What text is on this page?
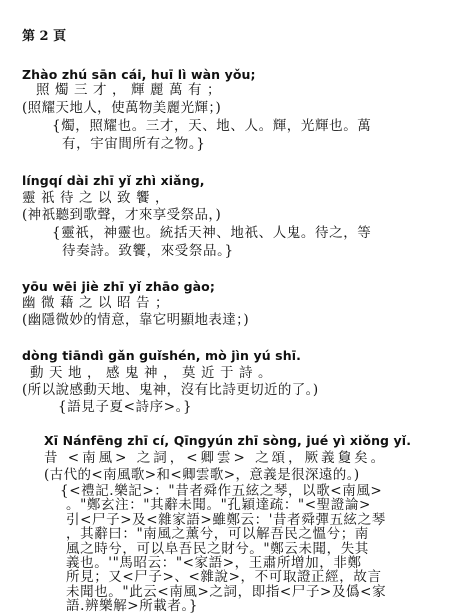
第 2 頁
Zhào zhú sān cái, huī lì wàn yǒu;
照燭三才，輝麗萬有；
(照耀天地人，使萬物美麗光輝；)
{燭，照耀也。三才，天、地、人。輝，光輝也。萬
有，宇宙間所有之物。}
língqí dài zhī yǐ zhì xiǎng,
靈祇待之以致饗，
(神祇聽到歌聲，才來享受祭品，)
{靈祇，神靈也。統括天神、地祇、人鬼。待之，等
待奏詩。致饗，來受祭品。}
yōu wēi jiè zhī yǐ zhāo gào;
幽微藉之以昭告；
(幽隱微妙的情意，靠它明顯地表達；)
dòng tiāndì gǎn guǐshén, mò jìn yú shī.
動天地，感鬼神，莫近于詩。
(所以說感動天地、鬼神，沒有比詩更切近的了。)
{語見子夏<詩序>。}
Xī Nánfēng zhī cí, Qīngyún zhī sòng, jué yì xiǒng yǐ.
昔 <南風> 之詞，<卿雲> 之頌，厥義敻矣。
(古代的<南風歌>和<卿雲歌>，意義是很深遠的。)
{<禮記.樂記>："昔者舜作五絃之琴，以歌<南風>
。"鄭玄注："其辭未聞。"孔穎達疏："<聖證論>
引<尸子>及<雜家語>雖鄭云：'昔者舜彈五絃之琴
，其辭曰："南風之薰兮，可以解吾民之慍兮；南
風之時兮，可以阜吾民之財兮。"鄭云未聞，失其
義也。'"馬昭云："<家語>，王肅所增加，非鄭
所見；又<尸子>、<雜說>，不可取證正經，故言
未聞也。"此云<南風>之詞，即指<尸子>及僞<家
語.辨樂解>所載者。}
